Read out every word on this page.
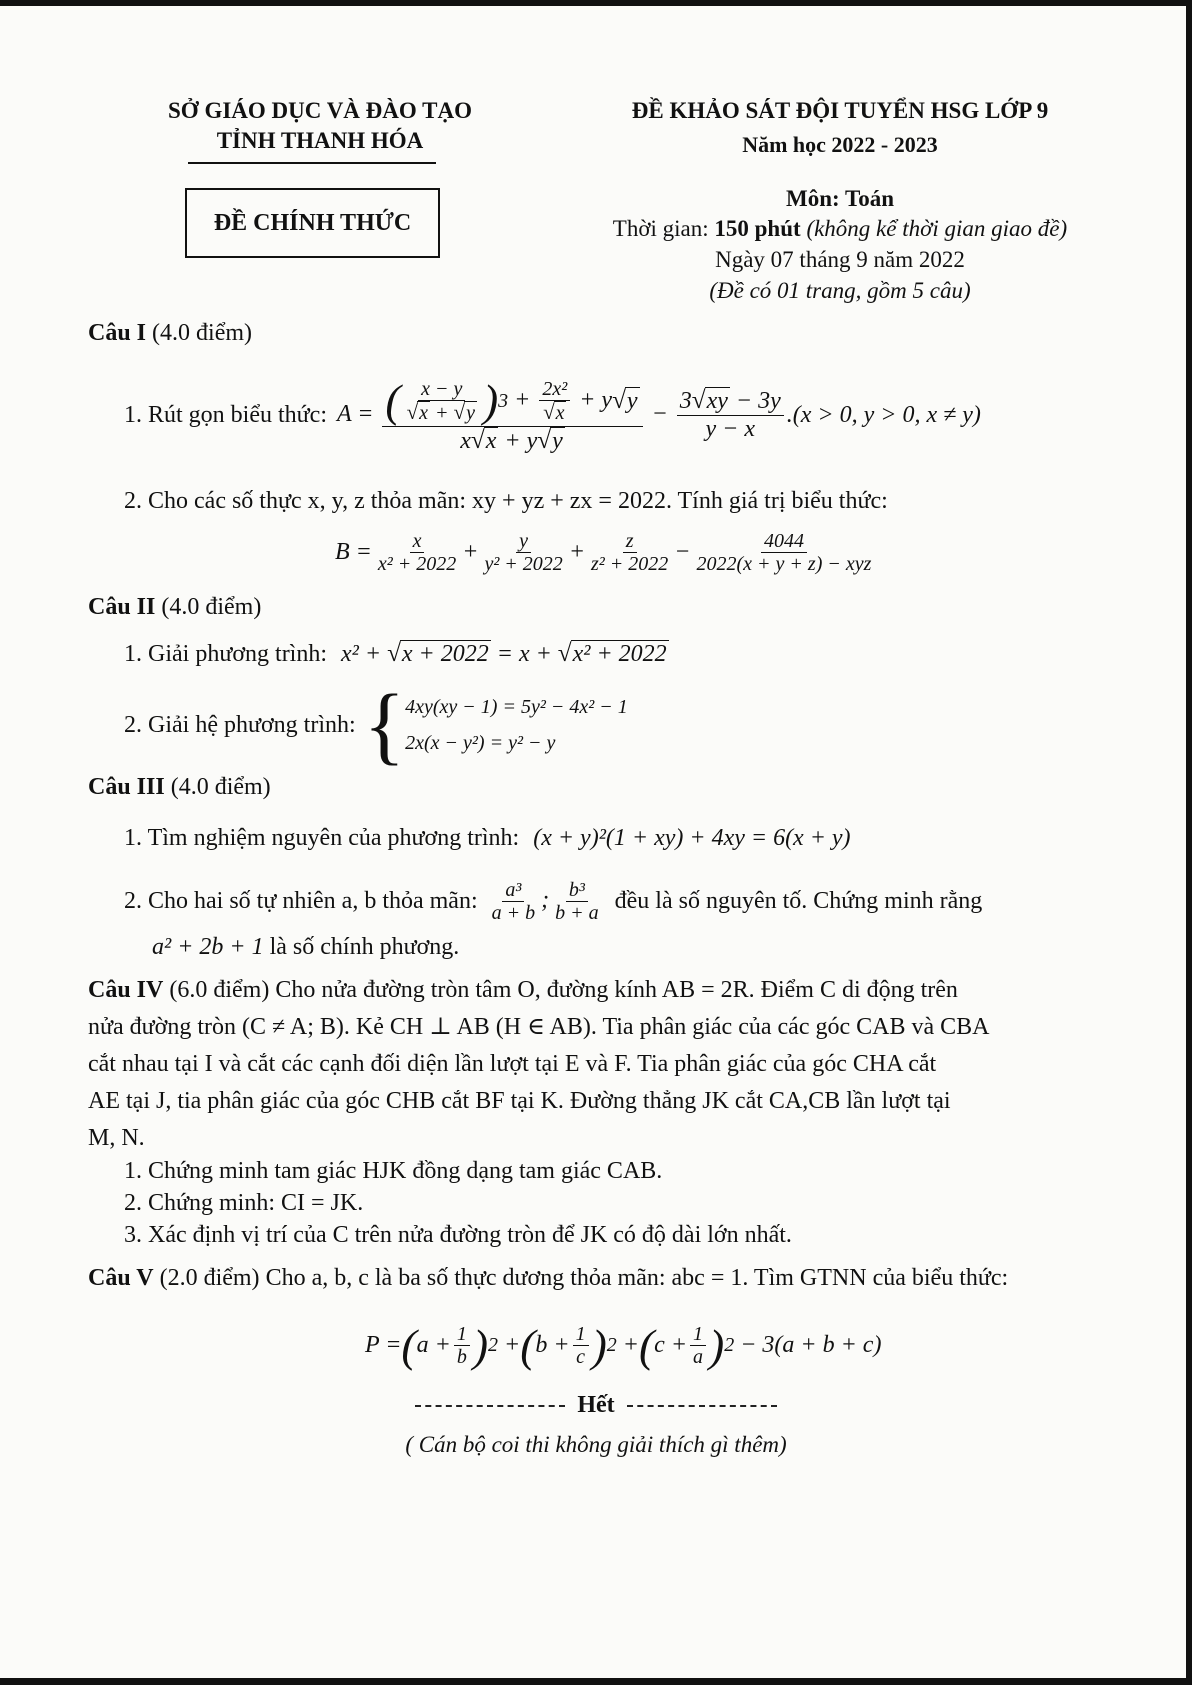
SỞ GIÁO DỤC VÀ ĐÀO TẠO
TỈNH THANH HÓA
ĐỀ CHÍNH THỨC
ĐỀ KHẢO SÁT ĐỘI TUYỂN HSG LỚP 9
Năm học 2022 - 2023
Môn: Toán
Thời gian: 150 phút (không kể thời gian giao đề)
Ngày 07 tháng 9 năm 2022
(Đề có 01 trang, gồm 5 câu)
Câu I (4.0 điểm)
1. Rút gọn biểu thức: A = ( $\frac{x - y}{√ x + √ y}$ ) $3 + \frac{\text{2x²}}{√ x} + y$ √ y
x √ x + y √ y
− $\frac{3 √ xy - 3y}{y - x} .(x > 0$, y > 0, x ≠ y)
2. Cho các số thực x, y, z thỏa mãn: xy + yz + zx = 2022. Tính giá trị biểu thức:
$B = \frac{x}{\text{x² + 2022}} + \frac{y}{\text{y² + 2022}} + \frac{z}{\text{z² + 2022}} - \frac{4044}{\text{2022(x + y + z) − xyz}}$
Câu II (4.0 điểm)
1. Giải phương trình: x² + √ x + 2022 = x + √ x² + 2022
2. Giải hệ phương trình: { 4xy(xy − 1) = 5y² − 4x² − 1
2x(x − y²) = y² − y
Câu III (4.0 điểm)
1. Tìm nghiệm nguyên của phương trình: (x + y)²(1 + xy) + 4xy = 6(x + y)
2. Cho hai số tự nhiên a, b thỏa mãn: $\frac{\text{a³}}{a + b}$ ; $\frac{\text{b³}}{b + a}$ đều là số nguyên tố. Chứng minh rằng
a² + 2b + 1 là số chính phương.
Câu IV (6.0 điểm) Cho nửa đường tròn tâm O, đường kính AB = 2R. Điểm C di động trên
nửa đường tròn (C ≠ A; B). Kẻ CH ⊥ AB (H ∈ AB). Tia phân giác của các góc CAB và CBA
cắt nhau tại I và cắt các cạnh đối diện lần lượt tại E và F. Tia phân giác của góc CHA cắt
AE tại J, tia phân giác của góc CHB cắt BF tại K. Đường thẳng JK cắt CA,CB lần lượt tại
M, N.
1. Chứng minh tam giác HJK đồng dạng tam giác CAB.
2. Chứng minh: CI = JK.
3. Xác định vị trí của C trên nửa đường tròn để JK có độ dài lớn nhất.
Câu V (2.0 điểm) Cho a, b, c là ba số thực dương thỏa mãn: abc = 1. Tìm GTNN của biểu thức:
P = ( $a + \frac{1}{b}$ ) 2 + ( $b + \frac{1}{c}$ ) 2 + ( $c + \frac{1}{a}$ ) 2 − 3(a + b + c)
Hết
( Cán bộ coi thi không giải thích gì thêm)
